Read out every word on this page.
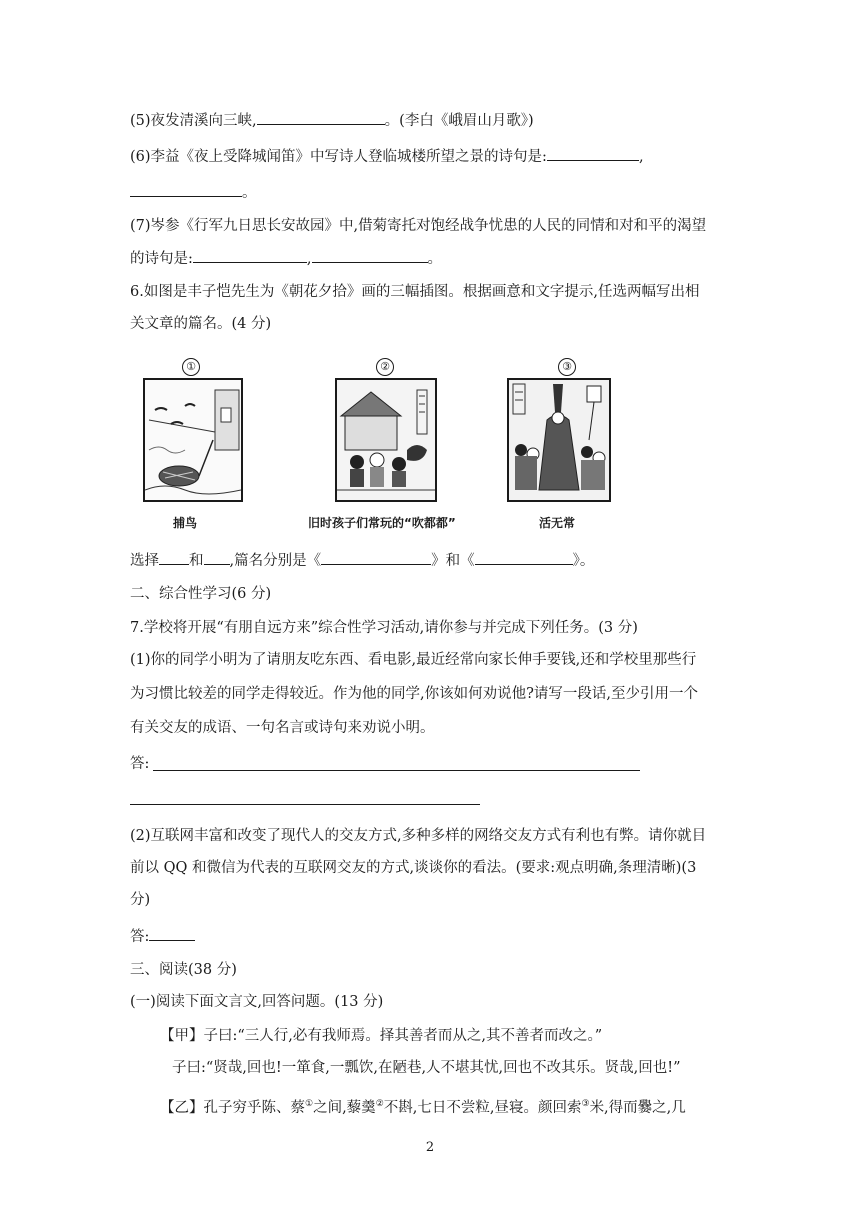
(5)夜发清溪向三峡,	。(李白《峨眉山月歌》)
(6)李益《夜上受降城闻笛》中写诗人登临城楼所望之景的诗句是:	,
。
(7)岑参《行军九日思长安故园》中,借菊寄托对饱经战争忧患的人民的同情和对和平的渴望
的诗句是:	,	。
6.如图是丰子恺先生为《朝花夕拾》画的三幅插图。根据画意和文字提示,任选两幅写出相
关文章的篇名。(4 分)
①
捕鸟
②
旧时孩子们常玩的“吹都都”
③
活无常
选择 和 ,篇名分别是《	》和《	》。
二、综合性学习(6 分)
7.学校将开展“有朋自远方来”综合性学习活动,请你参与并完成下列任务。(3 分)
(1)你的同学小明为了请朋友吃东西、看电影,最近经常向家长伸手要钱,还和学校里那些行
为习惯比较差的同学走得较近。作为他的同学,你该如何劝说他?请写一段话,至少引用一个
有关交友的成语、一句名言或诗句来劝说小明。
答:
(2)互联网丰富和改变了现代人的交友方式,多种多样的网络交友方式有利也有弊。请你就目
前以 QQ 和微信为代表的互联网交友的方式,谈谈你的看法。(要求:观点明确,条理清晰)(3
分)
答:
三、阅读(38 分)
(一)阅读下面文言文,回答问题。(13 分)
【甲】子曰:“三人行,必有我师焉。择其善者而从之,其不善者而改之。”
子曰:“贤哉,回也!一箪食,一瓢饮,在陋巷,人不堪其忧,回也不改其乐。贤哉,回也!”
【乙】孔子穷乎陈、蔡①之间,藜羹②不斟,七日不尝粒,昼寝。颜回索③米,得而爨之,几
2
